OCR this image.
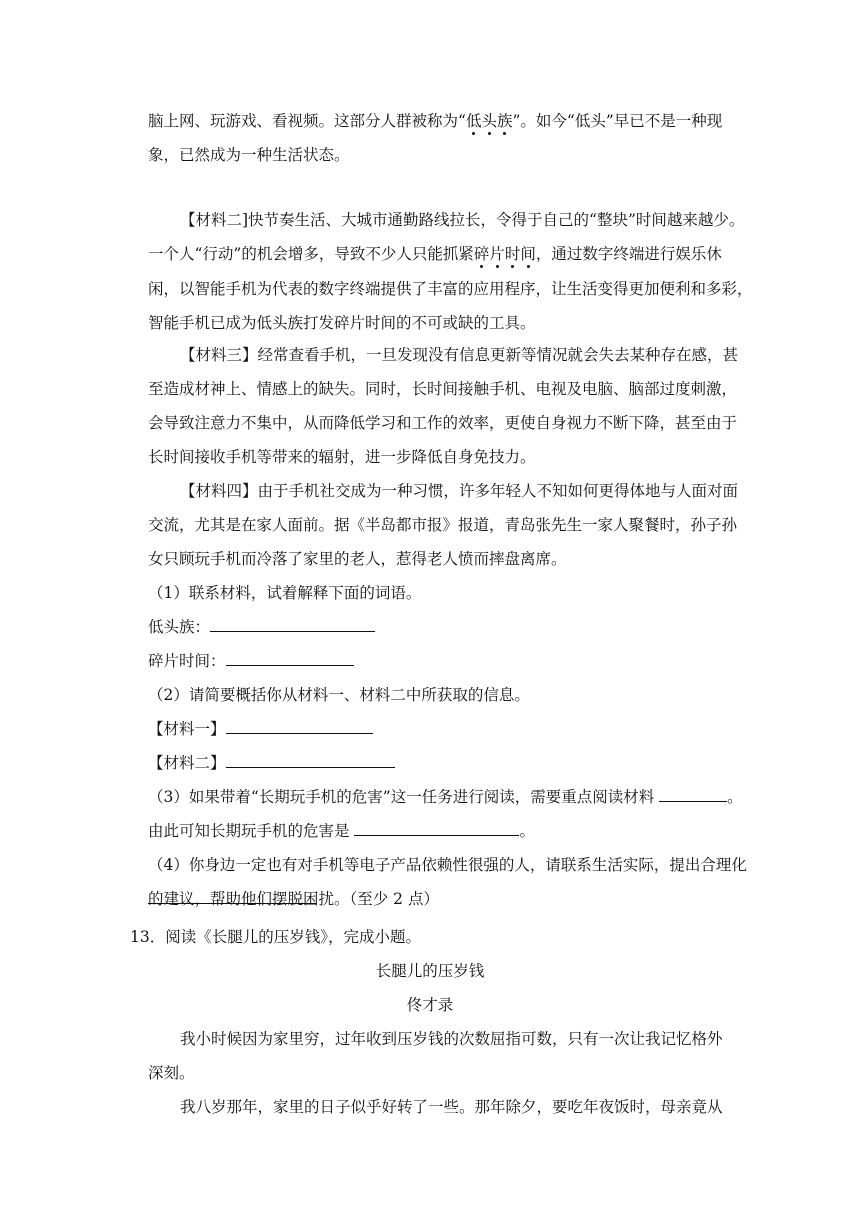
脑上网、玩游戏、看视频。这部分人群被称为“低头族”。如今“低头”早已不是一种现
象，已然成为一种生活状态。
【材料二]快节奏生活、大城市通勤路线拉长，令得于自己的“整块”时间越来越少。
一个人“行动”的机会增多，导致不少人只能抓紧碎片时间，通过数字终端进行娱乐休
闲，以智能手机为代表的数字终端提供了丰富的应用程序，让生活变得更加便利和多彩，
智能手机已成为低头族打发碎片时间的不可或缺的工具。
【材料三】经常查看手机，一旦发现没有信息更新等情况就会失去某种存在感，甚
至造成材神上、情感上的缺失。同时，长时间接触手机、电视及电脑、脑部过度刺激，
会导致注意力不集中，从而降低学习和工作的效率，更使自身视力不断下降，甚至由于
长时间接收手机等带来的辐射，进一步降低自身免技力。
【材料四】由于手机社交成为一种习惯，许多年轻人不知如何更得体地与人面对面
交流，尤其是在家人面前。据《半岛都市报》报道，青岛张先生一家人聚餐时，孙子孙
女只顾玩手机而冷落了家里的老人，惹得老人愤而摔盘离席。
（1）联系材料，试着解释下面的词语。
低头族：
碎片时间：
（2）请简要概括你从材料一、材料二中所获取的信息。
【材料一】
【材料二】
（3）如果带着“长期玩手机的危害”这一任务进行阅读，需要重点阅读材料	。
由此可知长期玩手机的危害是	。
（4）你身边一定也有对手机等电子产品依赖性很强的人，请联系生活实际，提出合理化
的建议，帮助他们摆脱困扰。（至少 2 点）
13．阅读《长腿儿的压岁钱》，完成小题。
长腿儿的压岁钱
佟才录
我小时候因为家里穷，过年收到压岁钱的次数屈指可数，只有一次让我记忆格外
深刻。
我八岁那年，家里的日子似乎好转了一些。那年除夕，要吃年夜饭时，母亲竟从
